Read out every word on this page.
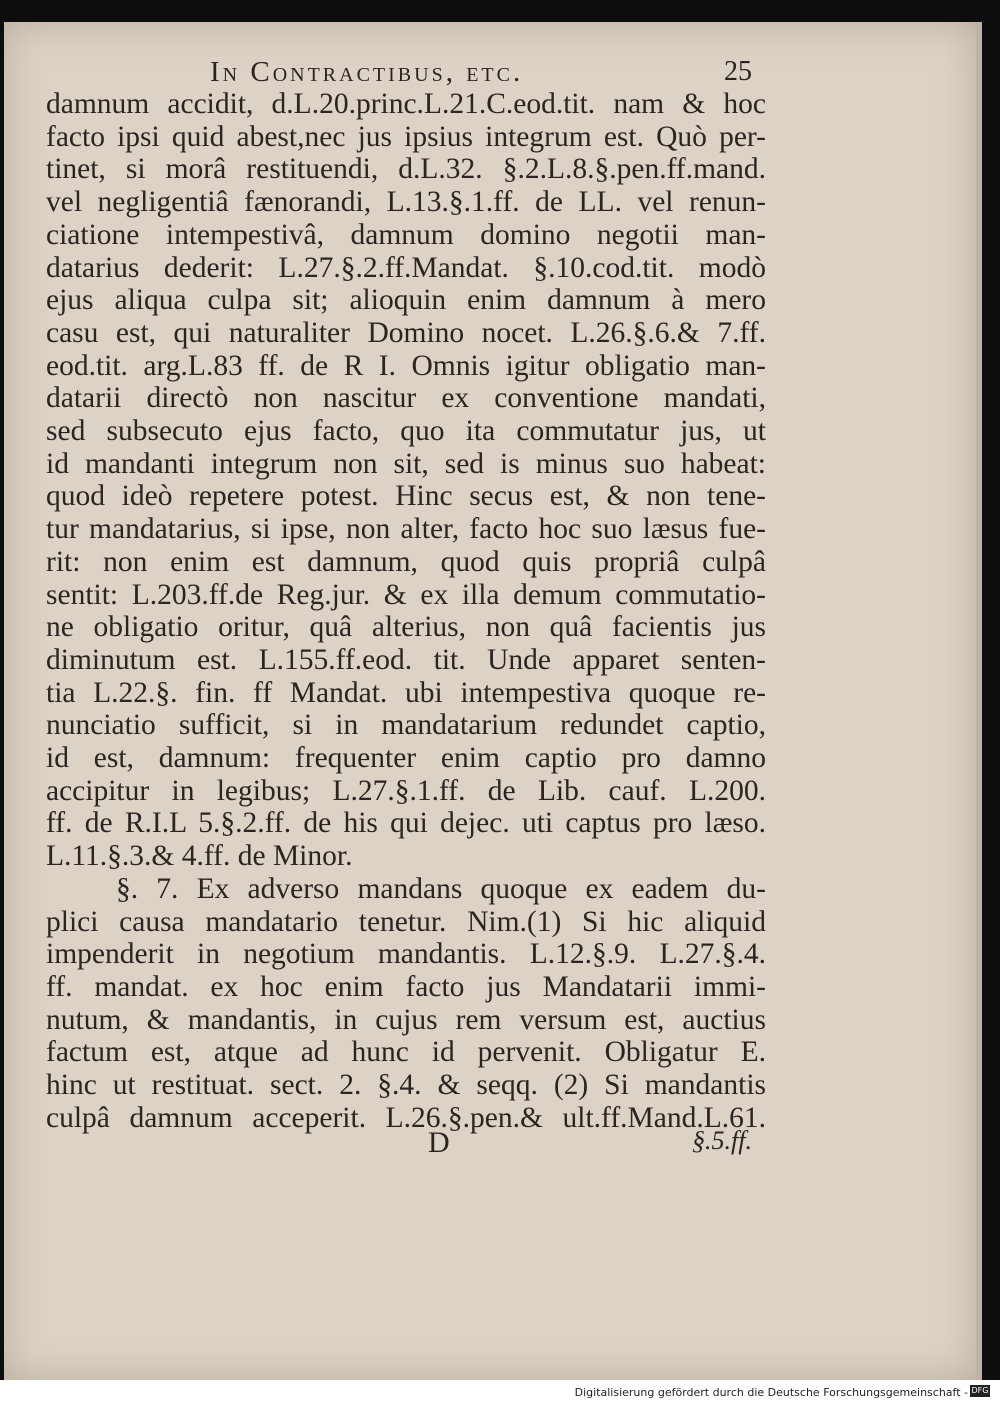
In Contractibus, etc.	25
damnum accidit, d.L.20.princ.L.21.C.eod.tit. nam & hoc
facto ipsi quid abest,nec jus ipsius integrum est. Quò per-
tinet, si morâ restituendi, d.L.32. §.2.L.8.§.pen.ff.mand.
vel negligentiâ fænorandi, L.13.§.1.ff. de LL. vel renun-
ciatione intempestivâ, damnum domino negotii man-
datarius dederit: L.27.§.2.ff.Mandat. §.10.cod.tit. modò
ejus aliqua culpa sit; alioquin enim damnum à mero
casu est, qui naturaliter Domino nocet. L.26.§.6.& 7.ff.
eod.tit. arg.L.83 ff. de R I. Omnis igitur obligatio man-
datarii directò non nascitur ex conventione mandati,
sed subsecuto ejus facto, quo ita commutatur jus, ut
id mandanti integrum non sit, sed is minus suo habeat:
quod ideò repetere potest. Hinc secus est, & non tene-
tur mandatarius, si ipse, non alter, facto hoc suo læsus fue-
rit: non enim est damnum, quod quis propriâ culpâ
sentit: L.203.ff.de Reg.jur. & ex illa demum commutatio-
ne obligatio oritur, quâ alterius, non quâ facientis jus
diminutum est. L.155.ff.eod. tit. Unde apparet senten-
tia L.22.§. fin. ff Mandat. ubi intempestiva quoque re-
nunciatio sufficit, si in mandatarium redundet captio,
id est, damnum: frequenter enim captio pro damno
accipitur in legibus; L.27.§.1.ff. de Lib. cauf. L.200.
ff. de R.I.L 5.§.2.ff. de his qui dejec. uti captus pro læso.
L.11.§.3.& 4.ff. de Minor.
§. 7. Ex adverso mandans quoque ex eadem du-
plici causa mandatario tenetur. Nim.(1) Si hic aliquid
impenderit in negotium mandantis. L.12.§.9. L.27.§.4.
ff. mandat. ex hoc enim facto jus Mandatarii immi-
nutum, & mandantis, in cujus rem versum est, auctius
factum est, atque ad hunc id pervenit. Obligatur E.
hinc ut restituat. sect. 2. §.4. & seqq. (2) Si mandantis
culpâ damnum acceperit. L.26.§.pen.& ult.ff.Mand.L.61.
D	§.5.ff.
Digitalisierung gefördert durch die Deutsche Forschungsgemeinschaft - DFG
